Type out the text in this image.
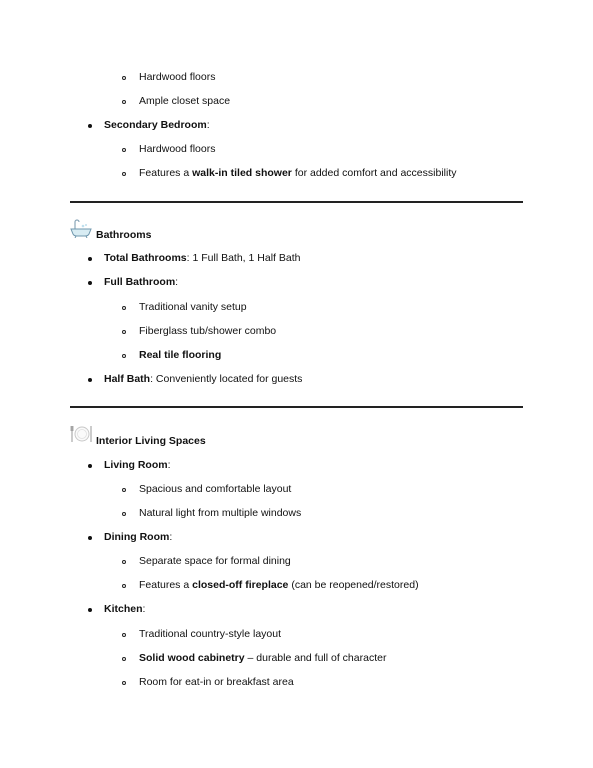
Hardwood floors
Ample closet space
Secondary Bedroom:
Hardwood floors
Features a walk-in tiled shower for added comfort and accessibility
Bathrooms
Total Bathrooms: 1 Full Bath, 1 Half Bath
Full Bathroom:
Traditional vanity setup
Fiberglass tub/shower combo
Real tile flooring
Half Bath: Conveniently located for guests
Interior Living Spaces
Living Room:
Spacious and comfortable layout
Natural light from multiple windows
Dining Room:
Separate space for formal dining
Features a closed-off fireplace (can be reopened/restored)
Kitchen:
Traditional country-style layout
Solid wood cabinetry – durable and full of character
Room for eat-in or breakfast area
